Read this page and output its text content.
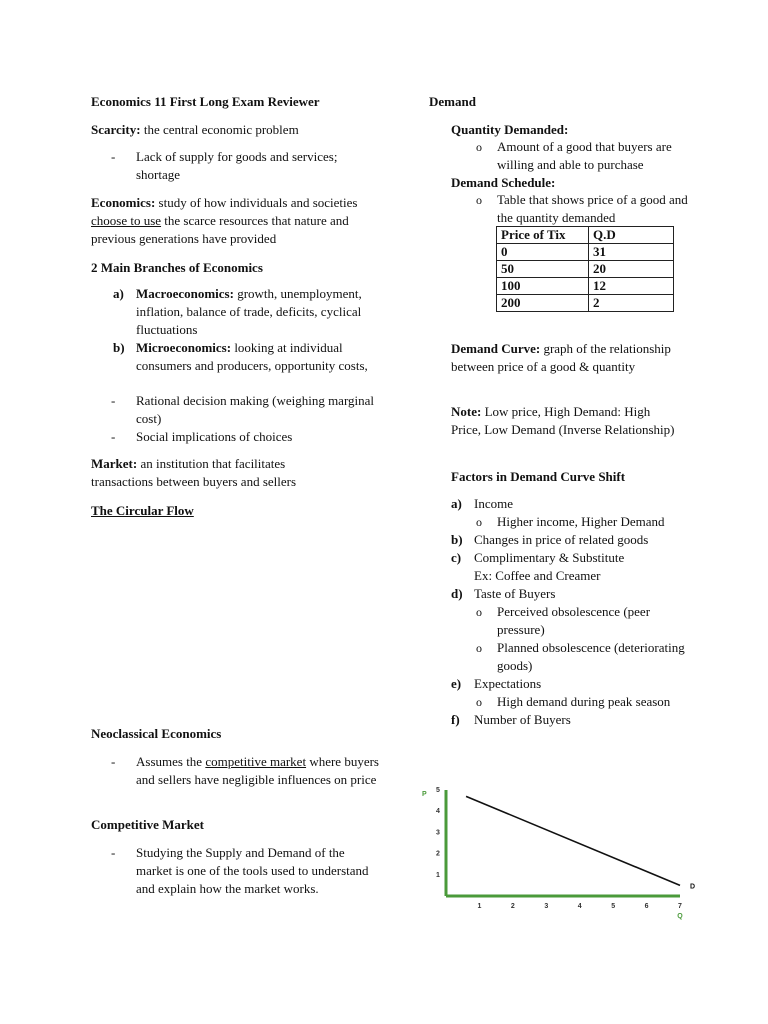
Economics 11 First Long Exam Reviewer

Scarcity: the central economic problem

-	Lack of supply for goods and services; shortage

Economics: study of how individuals and societies choose to use the scarce resources that nature and previous generations have provided

2 Main Branches of Economics

a) Macroeconomics: growth, unemployment, inflation, balance of trade, deficits, cyclical fluctuations
b) Microeconomics: looking at individual consumers and producers, opportunity costs,
-	Rational decision making (weighing marginal cost)
-	Social implications of choices

Market: an institution that facilitates transactions between buyers and sellers

The Circular Flow

Neoclassical Economics

-	Assumes the competitive market where buyers and sellers have negligible influences on price

Competitive Market

-	Studying the Supply and Demand of the market is one of the tools used to understand and explain how the market works.

Demand

Quantity Demanded:

o	Amount of a good that buyers are willing and able to purchase

Demand Schedule:

o	Table that shows price of a good and the quantity demanded
Price of Tix	Q.D
0	31
50	20
100	12
200	2

Demand Curve: graph of the relationship between price of a good & quantity

Note: Low price, High Demand: High Price, Low Demand (Inverse Relationship)

Factors in Demand Curve Shift

a) Income
o	Higher income, Higher Demand
b) Changes in price of related goods
c) Complimentary & Substitute
Ex: Coffee and Creamer
d) Taste of Buyers
o	Perceived obsolescence (peer pressure)
o	Planned obsolescence (deteriorating goods)
e) Expectations
o	High demand during peak season
f)	Number of Buyers
1	2	3	4	5	6	7
1
2
3
4
5
P
Q
D
